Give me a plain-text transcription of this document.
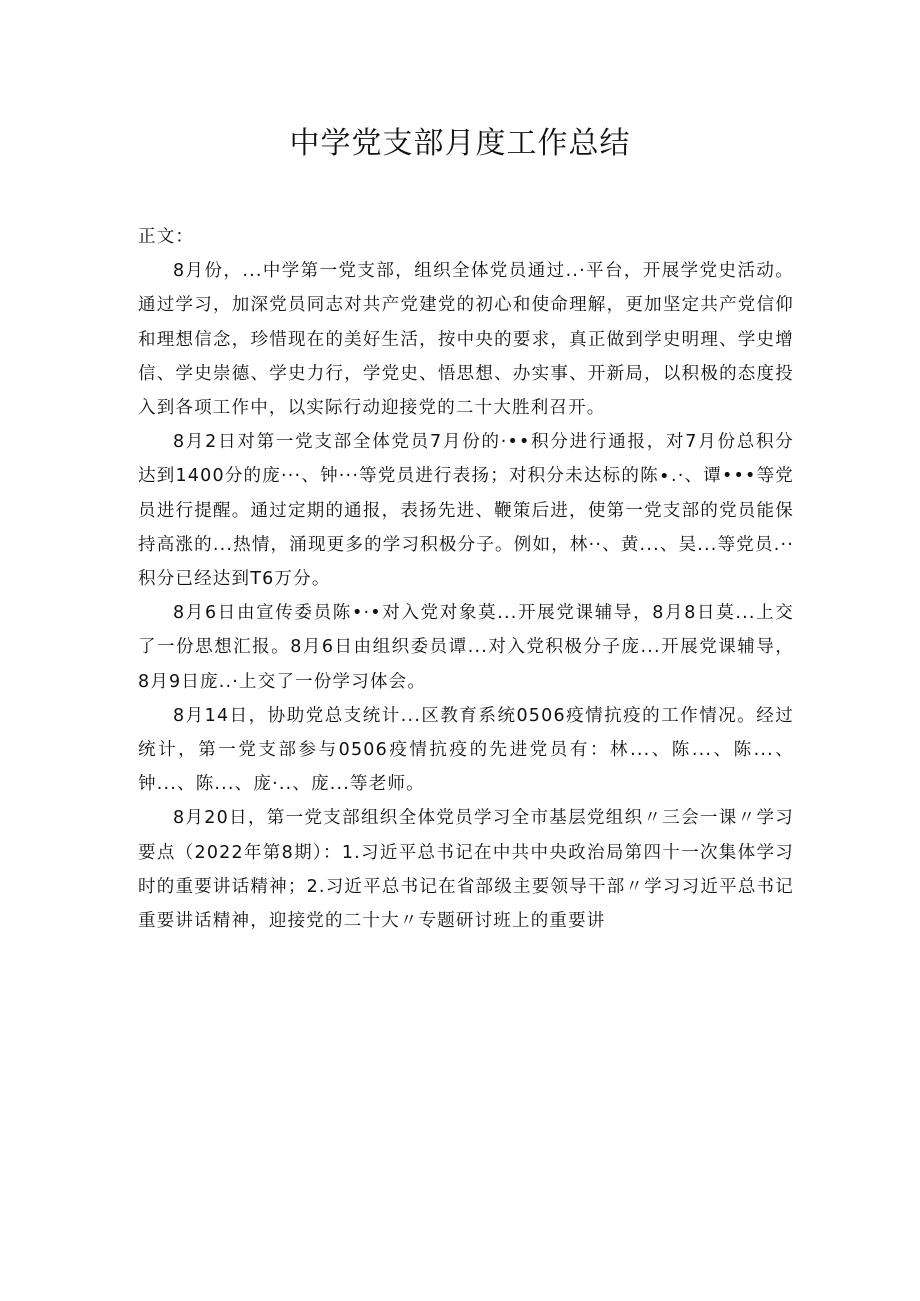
中学党支部月度工作总结

正文：

8月份，...中学第一党支部，组织全体党员通过..·平台，开展学党史活动。通过学习，加深党员同志对共产党建党的初心和使命理解，更加坚定共产党信仰和理想信念，珍惜现在的美好生活，按中央的要求，真正做到学史明理、学史增信、学史崇德、学史力行，学党史、悟思想、办实事、开新局，以积极的态度投入到各项工作中，以实际行动迎接党的二十大胜利召开。

8月2日对第一党支部全体党员7月份的·••积分进行通报，对7月份总积分达到1400分的庞···、钟···等党员进行表扬；对积分未达标的陈∙.·、谭•••等党员进行提醒。通过定期的通报，表扬先进、鞭策后进，使第一党支部的党员能保持高涨的...热情，涌现更多的学习积极分子。例如，林··、黄...、吴...等党员.··积分已经达到T6万分。

8月6日由宣传委员陈•·•对入党对象莫...开展党课辅导，8月8日莫...上交了一份思想汇报。8月6日由组织委员谭...对入党积极分子庞...开展党课辅导，8月9日庞..·上交了一份学习体会。

8月14日，协助党总支统计...区教育系统0506疫情抗疫的工作情况。经过统计，第一党支部参与0506疫情抗疫的先进党员有：林...、陈...、陈...、钟...、陈...、庞·..、庞...等老师。

8月20日，第一党支部组织全体党员学习全市基层党组织〃三会一课〃学习要点（2022年第8期）：1.习近平总书记在中共中央政治局第四十一次集体学习时的重要讲话精神；2.习近平总书记在省部级主要领导干部〃学习习近平总书记重要讲话精神，迎接党的二十大〃专题研讨班上的重要讲
